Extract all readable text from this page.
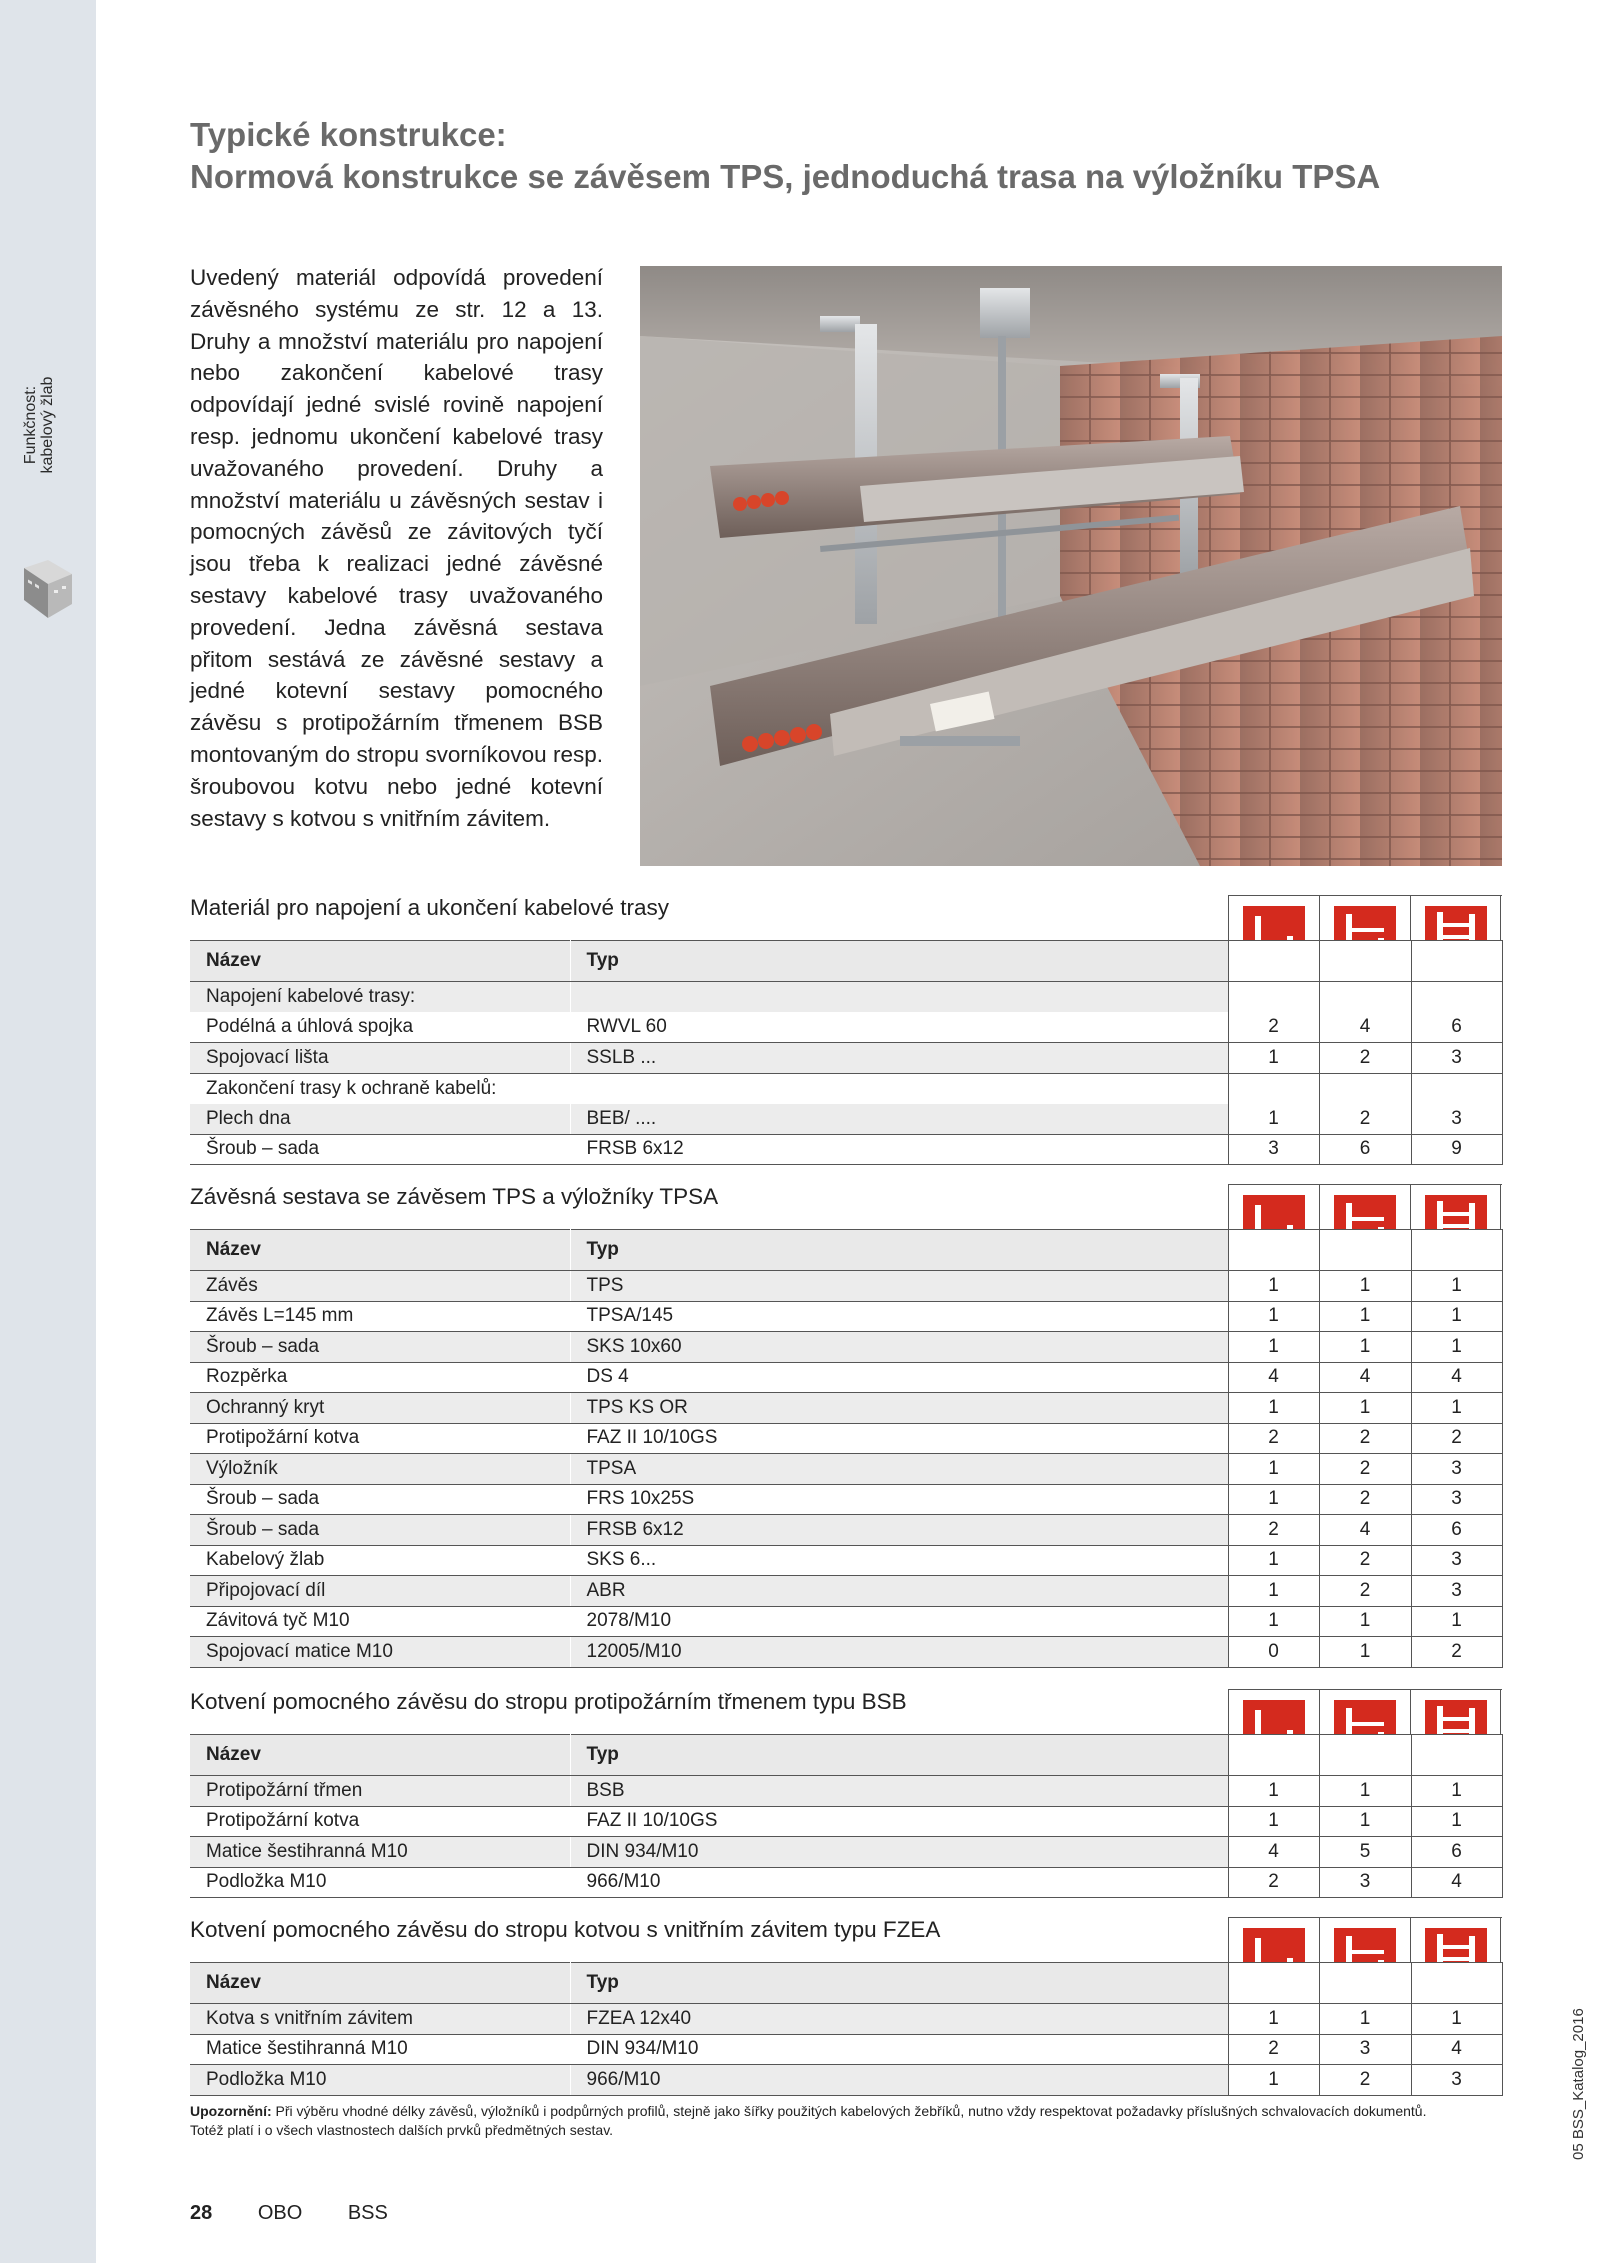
Funkčnost: kabelový žlab
Typické konstrukce:
Normová konstrukce se závěsem TPS, jednoduchá trasa na výložníku TPSA

Uvedený materiál odpovídá provedení závěsného systému ze str. 12 a 13. Druhy a množství materiálu pro napojení nebo zakončení kabelové trasy odpovídají jedné svislé rovině napojení resp. jednomu ukončení kabelové trasy uvažovaného provedení. Druhy a množství materiálu u závěsných sestav i pomocných závěsů ze závitových tyčí jsou třeba k realizaci jedné závěsné sestavy kabelové trasy uvažovaného provedení. Jedna závěsná sestava přitom sestává ze závěsné sestavy a jedné kotevní sestavy pomocného závěsu s protipožárním třmenem BSB montovaným do stropu svorníkovou resp. šroubovou kotvu nebo jedné kotevní sestavy s kotvou s vnitřním závitem.

Materiál pro napojení a ukončení kabelové trasy
Název	Typ			
Napojení kabelové trasy:				
Podélná a úhlová spojka	RWVL 60	2	4	6
Spojovací lišta	SSLB ...	1	2	3
Zakončení trasy k ochraně kabelů:				
Plech dna	BEB/ ....	1	2	3
Šroub – sada	FRSB 6x12	3	6	9
Závěsná sestava se závěsem TPS a výložníky TPSA
Název	Typ			
Závěs	TPS	1	1	1
Závěs L=145 mm	TPSA/145	1	1	1
Šroub – sada	SKS 10x60	1	1	1
Rozpěrka	DS 4	4	4	4
Ochranný kryt	TPS KS OR	1	1	1
Protipožární kotva	FAZ II 10/10GS	2	2	2
Výložník	TPSA	1	2	3
Šroub – sada	FRS 10x25S	1	2	3
Šroub – sada	FRSB 6x12	2	4	6
Kabelový žlab	SKS 6...	1	2	3
Připojovací díl	ABR	1	2	3
Závitová tyč M10	2078/M10	1	1	1
Spojovací matice M10	12005/M10	0	1	2
Kotvení pomocného závěsu do stropu protipožárním třmenem typu BSB
Název	Typ			
Protipožární třmen	BSB	1	1	1
Protipožární kotva	FAZ II 10/10GS	1	1	1
Matice šestihranná M10	DIN 934/M10	4	5	6
Podložka M10	966/M10	2	3	4
Kotvení pomocného závěsu do stropu kotvou s vnitřním závitem typu FZEA
Název	Typ			
Kotva s vnitřním závitem	FZEA 12x40	1	1	1
Matice šestihranná M10	DIN 934/M10	2	3	4
Podložka M10	966/M10	1	2	3
Upozornění: Při výběru vhodné délky závěsů, výložníků i podpůrných profilů, stejně jako šířky použitých kabelových žebříků, nutno vždy respektovat požadavky příslušných schvalovacích dokumentů.
Totéž platí i o všech vlastnostech dalších prvků předmětných sestav.	05 BSS_Katalog_2016
28 OBO BSS
